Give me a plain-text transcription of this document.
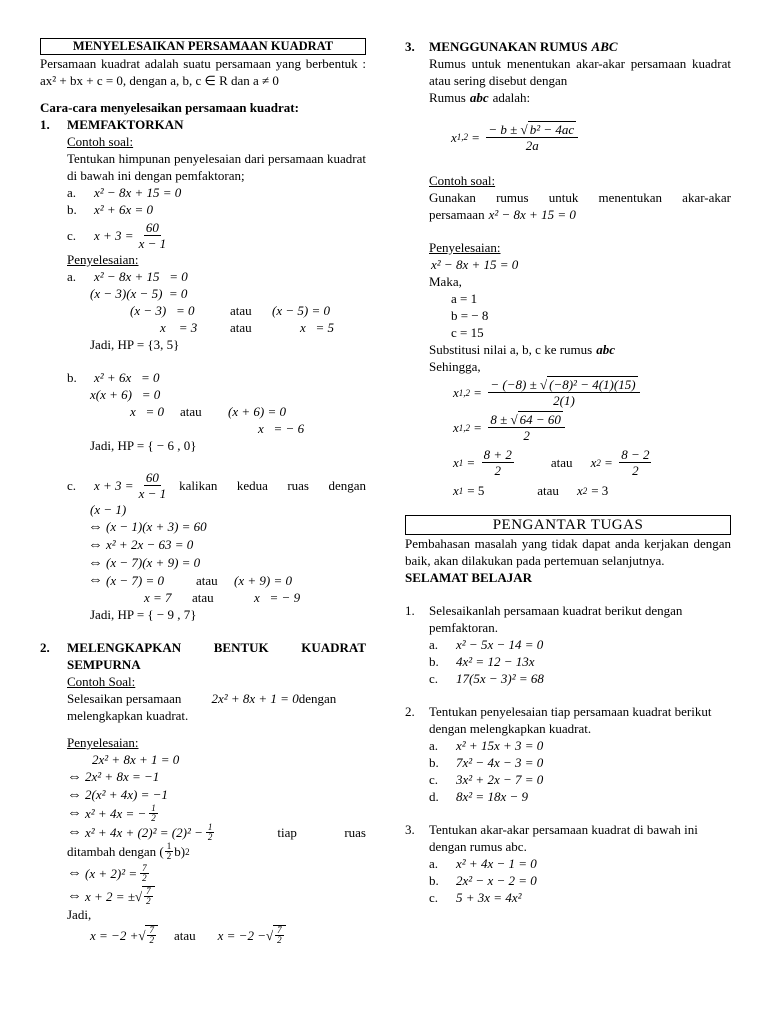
MENYELESAIKAN PERSAMAAN KUADRAT
Persamaan kuadrat adalah suatu persamaan yang berbentuk : ax² + bx + c = 0, dengan a, b, c ∈ R dan a ≠ 0
Cara-cara menyelesaikan persamaan kuadrat:
1.	MEMFAKTORKAN
Contoh soal:
Tentukan himpunan penyelesaian dari persamaan kuadrat di bawah ini dengan pemfaktoran;
a.	x² − 8x + 15 = 0
b.	x² + 6x = 0
c.	$x + 3 = \frac{60}{x - 1}$
Penyelesaian:
a.	x² − 8x + 15   = 0
(x − 3)(x − 5)  = 0
(x − 3)   = 0	atau	(x − 5) = 0
x    = 3	atau	x   = 5
Jadi, HP = {3, 5}
b.	x² + 6x   = 0
x(x + 6)   = 0
x   = 0	atau	(x + 6) = 0
x   = − 6
Jadi, HP = { − 6 , 0}
c.	$x + 3 = \frac{60}{x - 1}$ kalikan kedua ruas dengan
(x − 1)
⇔ (x − 1)(x + 3) = 60
⇔ x² + 2x − 63 = 0
⇔ (x − 7)(x + 9) = 0
⇔ (x − 7) = 0	atau	(x + 9) = 0
x = 7	atau	x   = − 9
Jadi, HP = { − 9 , 7}
2.	MELENGKAPKAN BENTUK KUADRAT SEMPURNA
Contoh Soal:
Selesaikan persamaan 2x² + 8x + 1 = 0 dengan
melengkapkan kuadrat.
Penyelesaian:
2x² + 8x + 1 = 0
⇔ 2x² + 8x = −1
⇔ 2(x² + 4x) = −1
⇔ x² + 4x = − $\frac{1}{2}$
⇔ $x^2 + 4x + (2)^2 = (2)^2 - \frac{1}{2}$	tiap	ruas
ditambah dengan ( $\frac{1}{2} b$) 2
⇔ $(x + 2)^2 = \frac{7}{2}$
⇔ x + 2 = ± √ $\frac{7}{2}$
Jadi,
x = −2 + √ $\frac{7}{2}$ atau x = −2 − √ $\frac{7}{2}$
3.	MENGGUNAKAN RUMUS ABC
Rumus untuk menentukan akar-akar persamaan kuadrat atau sering disebut dengan
Rumus abc adalah:
x $1,2 = \frac{\text{− b ± √ b² − 4ac}}{2a}$
Contoh soal:
Gunakan rumus untuk menentukan akar-akar persamaan x² − 8x + 15 = 0
Penyelesaian:
x² − 8x + 15 = 0
Maka,
a = 1
b = − 8
c = 15
Substitusi nilai a, b, c ke rumus abc
Sehingga,
x $1,2 = \frac{\text{− (−8) ± √ (−8)² − 4(1)(15)}}{2(1)}$
x $1,2 = \frac{8 \pm √ 64 - 60}{2}$
x $1 = \frac{8 + 2}{2}$	atau x $2 = \frac{8 - 2}{2}$
x 1 = 5	atau x 2 = 3
PENGANTAR TUGAS
Pembahasan masalah yang tidak dapat anda kerjakan dengan baik, akan dilakukan pada pertemuan selanjutnya.
SELAMAT BELAJAR
1.	Selesaikanlah persamaan kuadrat berikut dengan pemfaktoran.
a.	x² − 5x − 14 = 0
b.	4x² = 12 − 13x
c.	17(5x − 3)² = 68
2.	Tentukan penyelesaian tiap persamaan kuadrat berikut dengan melengkapkan kuadrat.
a.	x² + 15x + 3 = 0
b.	7x² − 4x − 3 = 0
c.	3x² + 2x − 7 = 0
d.	8x² = 18x − 9
3.	Tentukan akar-akar persamaan kuadrat di bawah ini dengan rumus abc.
a.	x² + 4x − 1 = 0
b.	2x² − x − 2 = 0
c.	5 + 3x = 4x²
